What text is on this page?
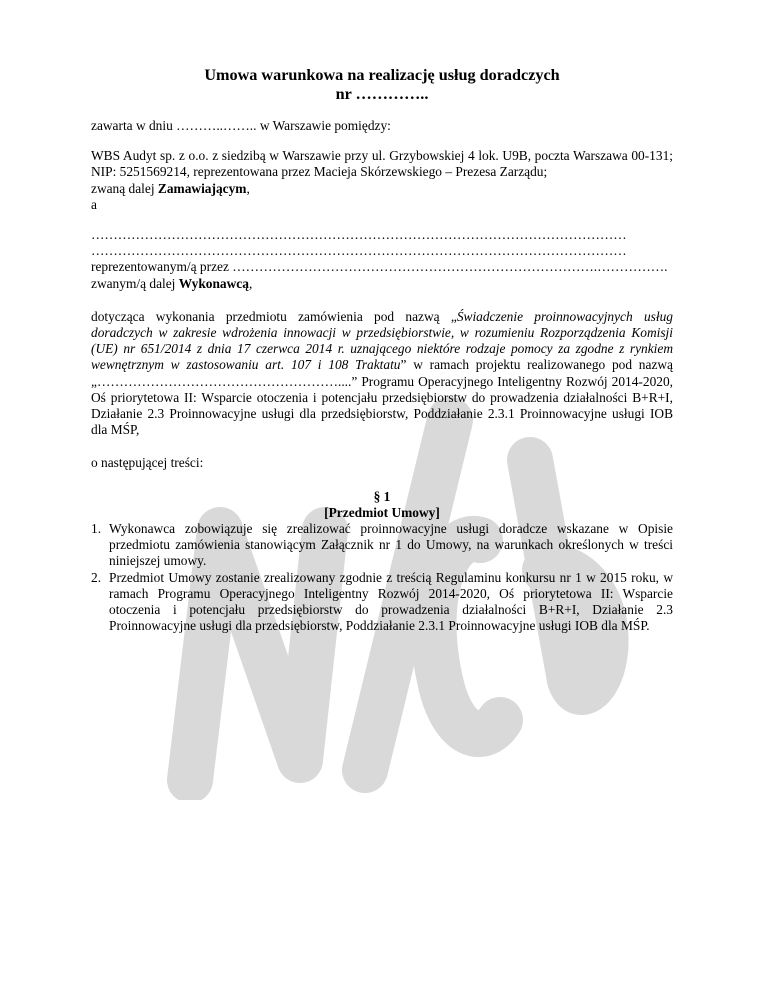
Umowa warunkowa na realizację usług doradczych

nr …………..

zawarta w dniu ………..…….. w Warszawie pomiędzy:

WBS Audyt sp. z o.o. z siedzibą w Warszawie przy ul. Grzybowskiej 4 lok. U9B, poczta Warszawa 00-131; NIP: 5251569214, reprezentowana przez Macieja Skórzewskiego – Prezesa Zarządu;

zwaną dalej Zamawiającym,

a

…………………………………………………………………………………………………………

…………………………………………………………………………………………………………

reprezentowanym/ą przez ……………………………………………………………………….…………….

zwanym/ą dalej Wykonawcą,

dotycząca wykonania przedmiotu zamówienia pod nazwą „Świadczenie proinnowacyjnych usług doradczych w zakresie wdrożenia innowacji w przedsiębiorstwie, w rozumieniu Rozporządzenia Komisji (UE) nr 651/2014 z dnia 17 czerwca 2014 r. uznającego niektóre rodzaje pomocy za zgodne z rynkiem wewnętrznym w zastosowaniu art. 107 i 108 Traktatu” w ramach projektu realizowanego pod nazwą „………………………………………………....” Programu Operacyjnego Inteligentny Rozwój 2014-2020, Oś priorytetowa II: Wsparcie otoczenia i potencjału przedsiębiorstw do prowadzenia działalności B+R+I, Działanie 2.3 Proinnowacyjne usługi dla przedsiębiorstw, Poddziałanie 2.3.1 Proinnowacyjne usługi IOB dla MŚP,

o następującej treści:

§ 1

[Przedmiot Umowy]

1. Wykonawca zobowiązuje się zrealizować proinnowacyjne usługi doradcze wskazane w Opisie przedmiotu zamówienia stanowiącym Załącznik nr 1 do Umowy, na warunkach określonych w treści niniejszej umowy.
2. Przedmiot Umowy zostanie zrealizowany zgodnie z treścią Regulaminu konkursu nr 1 w 2015 roku, w ramach Programu Operacyjnego Inteligentny Rozwój 2014-2020, Oś priorytetowa II: Wsparcie otoczenia i potencjału przedsiębiorstw do prowadzenia działalności B+R+I, Działanie 2.3 Proinnowacyjne usługi dla przedsiębiorstw, Poddziałanie 2.3.1 Proinnowacyjne usługi IOB dla MŚP.
